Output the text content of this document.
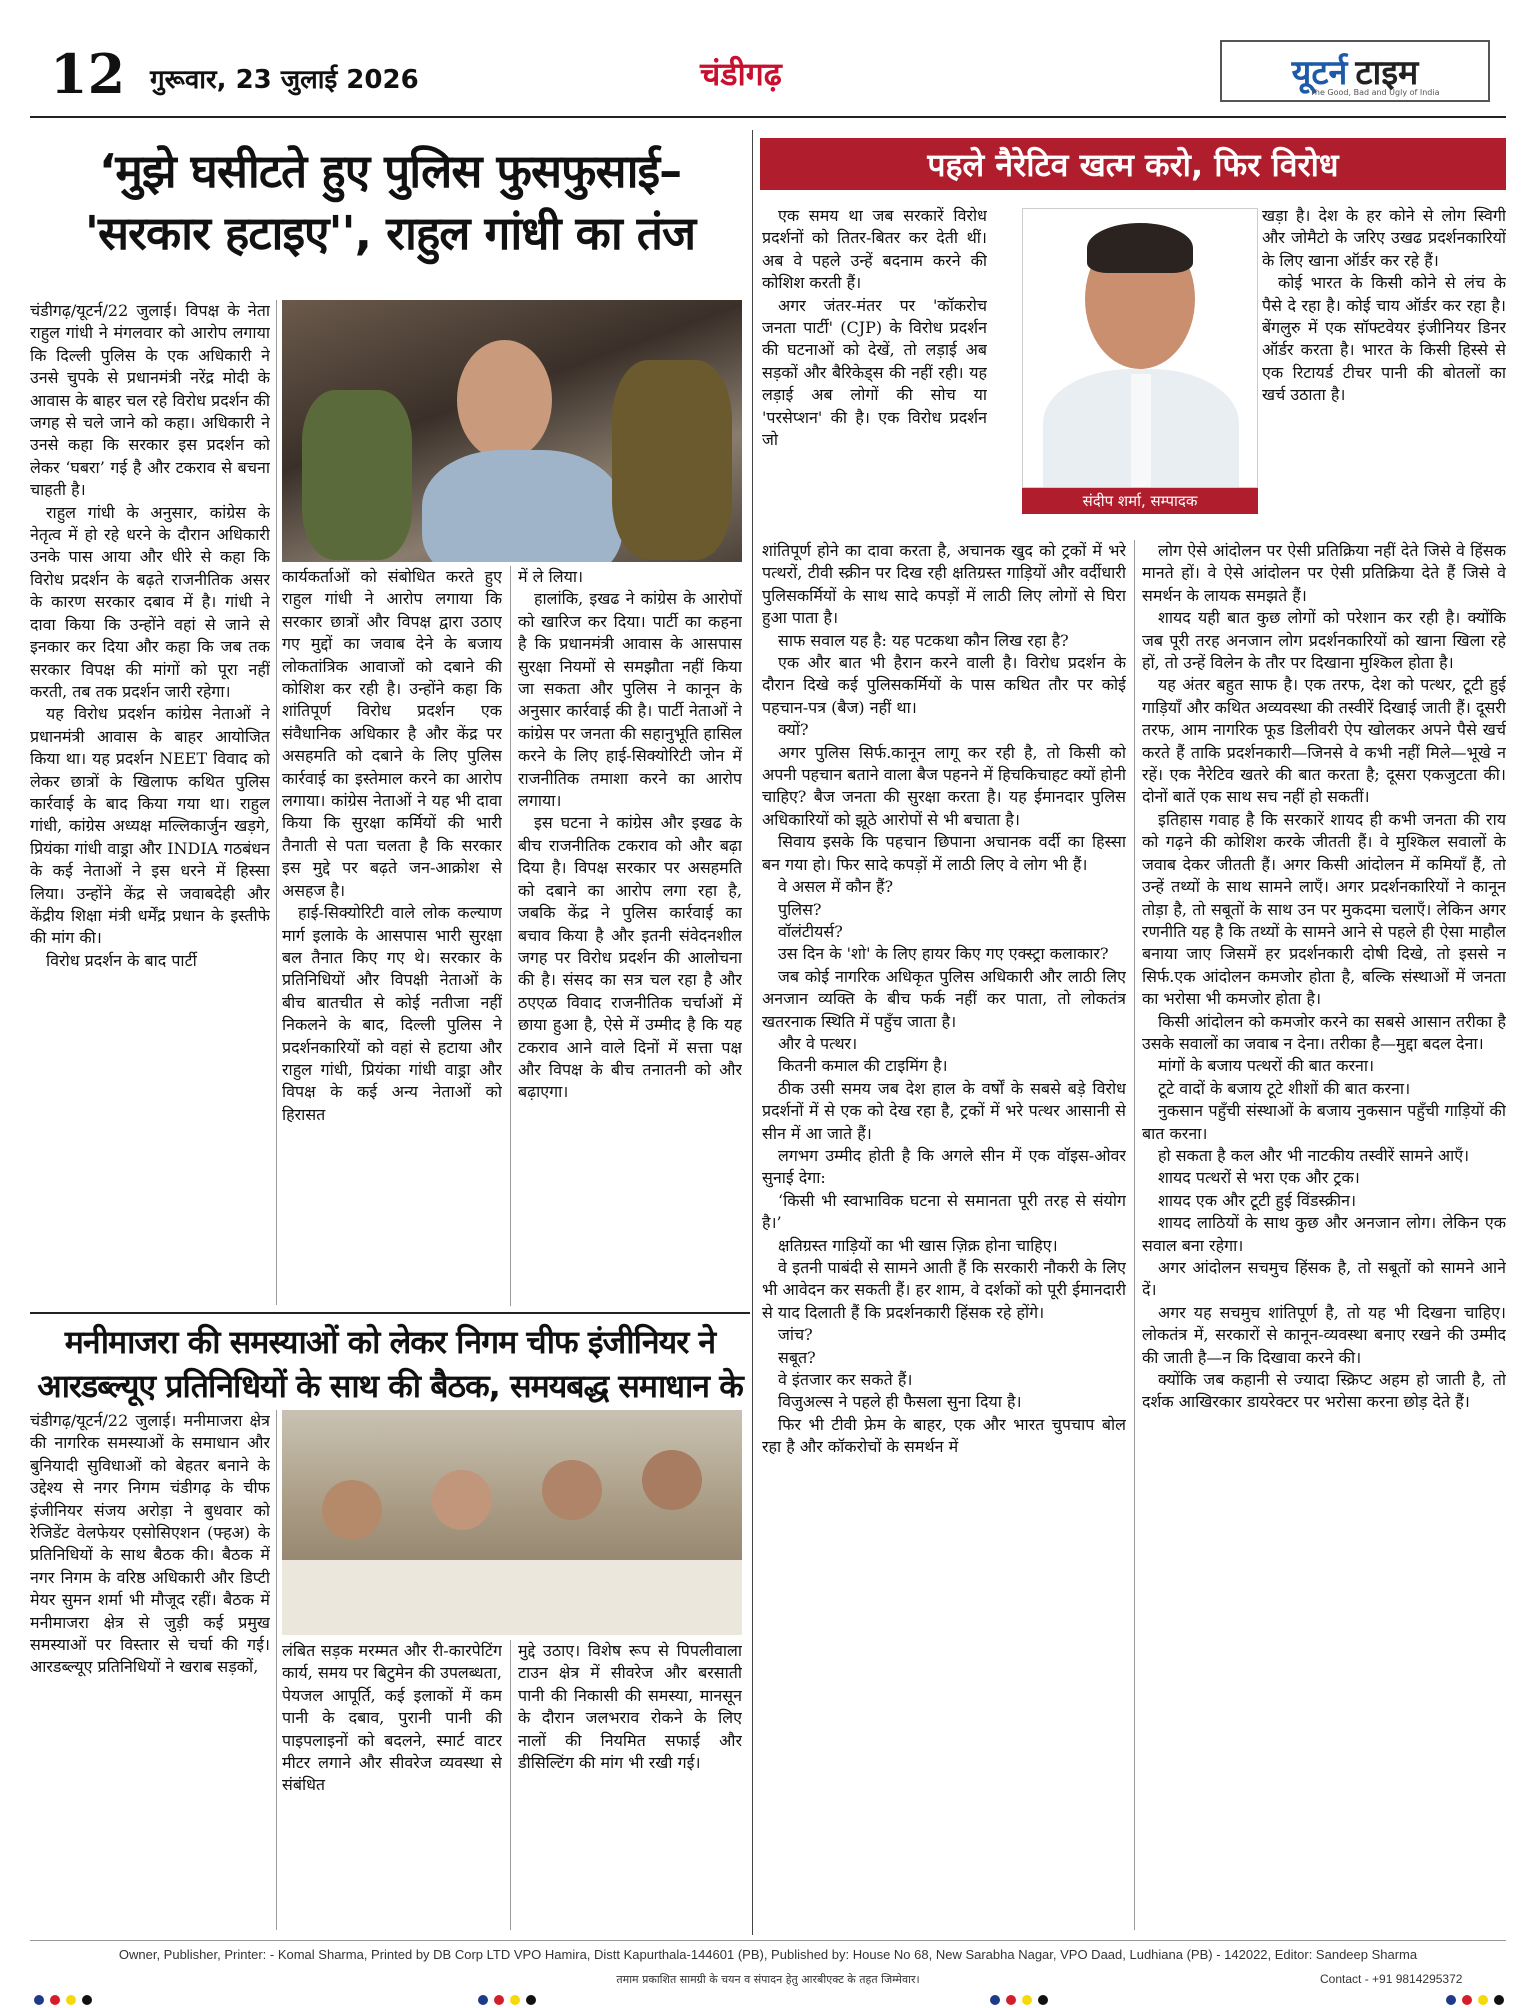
12 गुरूवार, 23 जुलाई 2026	चंडीगढ़	यूटर्न टाइम
The Good, Bad and Ugly of India
‘मुझे घसीटते हुए पुलिस फुसफुसाई– 'सरकार हटाइए'', राहुल गांधी का तंज

चंडीगढ़/यूटर्न/22 जुलाई। विपक्ष के नेता राहुल गांधी ने मंगलवार को आरोप लगाया कि दिल्ली पुलिस के एक अधिकारी ने उनसे चुपके से प्रधानमंत्री नरेंद्र मोदी के आवास के बाहर चल रहे विरोध प्रदर्शन की जगह से चले जाने को कहा। अधिकारी ने उनसे कहा कि सरकार इस प्रदर्शन को लेकर ‘घबरा’ गई है और टकराव से बचना चाहती है।

राहुल गांधी के अनुसार, कांग्रेस के नेतृत्व में हो रहे धरने के दौरान अधिकारी उनके पास आया और धीरे से कहा कि विरोध प्रदर्शन के बढ़ते राजनीतिक असर के कारण सरकार दबाव में है। गांधी ने दावा किया कि उन्होंने वहां से जाने से इनकार कर दिया और कहा कि जब तक सरकार विपक्ष की मांगों को पूरा नहीं करती, तब तक प्रदर्शन जारी रहेगा।

यह विरोध प्रदर्शन कांग्रेस नेताओं ने प्रधानमंत्री आवास के बाहर आयोजित किया था। यह प्रदर्शन NEET विवाद को लेकर छात्रों के खिलाफ कथित पुलिस कार्रवाई के बाद किया गया था। राहुल गांधी, कांग्रेस अध्यक्ष मल्लिकार्जुन खड़गे, प्रियंका गांधी वाड्रा और INDIA गठबंधन के कई नेताओं ने इस धरने में हिस्सा लिया। उन्होंने केंद्र से जवाबदेही और केंद्रीय शिक्षा मंत्री धर्मेंद्र प्रधान के इस्तीफे की मांग की।

विरोध प्रदर्शन के बाद पार्टी

कार्यकर्ताओं को संबोधित करते हुए राहुल गांधी ने आरोप लगाया कि सरकार छात्रों और विपक्ष द्वारा उठाए गए मुद्दों का जवाब देने के बजाय लोकतांत्रिक आवाजों को दबाने की कोशिश कर रही है। उन्होंने कहा कि शांतिपूर्ण विरोध प्रदर्शन एक संवैधानिक अधिकार है और केंद्र पर असहमति को दबाने के लिए पुलिस कार्रवाई का इस्तेमाल करने का आरोप लगाया। कांग्रेस नेताओं ने यह भी दावा किया कि सुरक्षा कर्मियों की भारी तैनाती से पता चलता है कि सरकार इस मुद्दे पर बढ़ते जन-आक्रोश से असहज है।

हाई-सिक्योरिटी वाले लोक कल्याण मार्ग इलाके के आसपास भारी सुरक्षा बल तैनात किए गए थे। सरकार के प्रतिनिधियों और विपक्षी नेताओं के बीच बातचीत से कोई नतीजा नहीं निकलने के बाद, दिल्ली पुलिस ने प्रदर्शनकारियों को वहां से हटाया और राहुल गांधी, प्रियंका गांधी वाड्रा और विपक्ष के कई अन्य नेताओं को हिरासत

में ले लिया।

हालांकि, इखढ ने कांग्रेस के आरोपों को खारिज कर दिया। पार्टी का कहना है कि प्रधानमंत्री आवास के आसपास सुरक्षा नियमों से समझौता नहीं किया जा सकता और पुलिस ने कानून के अनुसार कार्रवाई की है। पार्टी नेताओं ने कांग्रेस पर जनता की सहानुभूति हासिल करने के लिए हाई-सिक्योरिटी जोन में राजनीतिक तमाशा करने का आरोप लगाया।

इस घटना ने कांग्रेस और इखढ के बीच राजनीतिक टकराव को और बढ़ा दिया है। विपक्ष सरकार पर असहमति को दबाने का आरोप लगा रहा है, जबकि केंद्र ने पुलिस कार्रवाई का बचाव किया है और इतनी संवेदनशील जगह पर विरोध प्रदर्शन की आलोचना की है। संसद का सत्र चल रहा है और ठएएळ विवाद राजनीतिक चर्चाओं में छाया हुआ है, ऐसे में उम्मीद है कि यह टकराव आने वाले दिनों में सत्ता पक्ष और विपक्ष के बीच तनातनी को और बढ़ाएगा।

मनीमाजरा की समस्याओं को लेकर निगम चीफ इंजीनियर ने आरडब्ल्यूए प्रतिनिधियों के साथ की बैठक, समयबद्ध समाधान के

चंडीगढ़/यूटर्न/22 जुलाई। मनीमाजरा क्षेत्र की नागरिक समस्याओं के समाधान और बुनियादी सुविधाओं को बेहतर बनाने के उद्देश्य से नगर निगम चंडीगढ़ के चीफ इंजीनियर संजय अरोड़ा ने बुधवार को रेजिडेंट वेलफेयर एसोसिएशन (फ्हअ) के प्रतिनिधियों के साथ बैठक की। बैठक में नगर निगम के वरिष्ठ अधिकारी और डिप्टी मेयर सुमन शर्मा भी मौजूद रहीं। बैठक में मनीमाजरा क्षेत्र से जुड़ी कई प्रमुख समस्याओं पर विस्तार से चर्चा की गई। आरडब्ल्यूए प्रतिनिधियों ने खराब सड़कों,

लंबित सड़क मरम्मत और री-कारपेटिंग कार्य, समय पर बिटुमेन की उपलब्धता, पेयजल आपूर्ति, कई इलाकों में कम पानी के दबाव, पुरानी पानी की पाइपलाइनों को बदलने, स्मार्ट वाटर मीटर लगाने और सीवरेज व्यवस्था से संबंधित

मुद्दे उठाए। विशेष रूप से पिपलीवाला टाउन क्षेत्र में सीवरेज और बरसाती पानी की निकासी की समस्या, मानसून के दौरान जलभराव रोकने के लिए नालों की नियमित सफाई और डीसिल्टिंग की मांग भी रखी गई।

पहले नैरेटिव खत्म करो, फिर विरोध

एक समय था जब सरकारें विरोध प्रदर्शनों को तितर-बितर कर देती थीं। अब वे पहले उन्हें बदनाम करने की कोशिश करती हैं।

अगर जंतर-मंतर पर 'कॉकरोच जनता पार्टी' (CJP) के विरोध प्रदर्शन की घटनाओं को देखें, तो लड़ाई अब सड़कों और बैरिकेड्स की नहीं रही। यह लड़ाई अब लोगों की सोच या 'परसेप्शन' की है। एक विरोध प्रदर्शन जो

संदीप शर्मा, सम्पादक

खड़ा है। देश के हर कोने से लोग स्विगी और जोमैटो के जरिए उखढ प्रदर्शनकारियों के लिए खाना ऑर्डर कर रहे हैं।

कोई भारत के किसी कोने से लंच के पैसे दे रहा है। कोई चाय ऑर्डर कर रहा है। बेंगलुरु में एक सॉफ्टवेयर इंजीनियर डिनर ऑर्डर करता है। भारत के किसी हिस्से से एक रिटायर्ड टीचर पानी की बोतलों का खर्च उठाता है।

शांतिपूर्ण होने का दावा करता है, अचानक खुद को ट्रकों में भरे पत्थरों, टीवी स्क्रीन पर दिख रही क्षतिग्रस्त गाड़ियों और वर्दीधारी पुलिसकर्मियों के साथ सादे कपड़ों में लाठी लिए लोगों से घिरा हुआ पाता है।

साफ सवाल यह है: यह पटकथा कौन लिख रहा है?

एक और बात भी हैरान करने वाली है। विरोध प्रदर्शन के दौरान दिखे कई पुलिसकर्मियों के पास कथित तौर पर कोई पहचान-पत्र (बैज) नहीं था।

क्यों?

अगर पुलिस सिर्फ.कानून लागू कर रही है, तो किसी को अपनी पहचान बताने वाला बैज पहनने में हिचकिचाहट क्यों होनी चाहिए? बैज जनता की सुरक्षा करता है। यह ईमानदार पुलिस अधिकारियों को झूठे आरोपों से भी बचाता है।

सिवाय इसके कि पहचान छिपाना अचानक वर्दी का हिस्सा बन गया हो। फिर सादे कपड़ों में लाठी लिए वे लोग भी हैं।

वे असल में कौन हैं?

पुलिस?

वॉलंटीयर्स?

उस दिन के 'शो' के लिए हायर किए गए एक्स्ट्रा कलाकार?

जब कोई नागरिक अधिकृत पुलिस अधिकारी और लाठी लिए अनजान व्यक्ति के बीच फर्क नहीं कर पाता, तो लोकतंत्र खतरनाक स्थिति में पहुँच जाता है।

और वे पत्थर।

कितनी कमाल की टाइमिंग है।

ठीक उसी समय जब देश हाल के वर्षों के सबसे बड़े विरोध प्रदर्शनों में से एक को देख रहा है, ट्रकों में भरे पत्थर आसानी से सीन में आ जाते हैं।

लगभग उम्मीद होती है कि अगले सीन में एक वॉइस-ओवर सुनाई देगा:

‘किसी भी स्वाभाविक घटना से समानता पूरी तरह से संयोग है।’

क्षतिग्रस्त गाड़ियों का भी खास ज़िक्र होना चाहिए।

वे इतनी पाबंदी से सामने आती हैं कि सरकारी नौकरी के लिए भी आवेदन कर सकती हैं। हर शाम, वे दर्शकों को पूरी ईमानदारी से याद दिलाती हैं कि प्रदर्शनकारी हिंसक रहे होंगे।

जांच?

सबूत?

वे इंतजार कर सकते हैं।

विजुअल्स ने पहले ही फैसला सुना दिया है।

फिर भी टीवी फ्रेम के बाहर, एक और भारत चुपचाप बोल रहा है और कॉकरोचों के समर्थन में

लोग ऐसे आंदोलन पर ऐसी प्रतिक्रिया नहीं देते जिसे वे हिंसक मानते हों। वे ऐसे आंदोलन पर ऐसी प्रतिक्रिया देते हैं जिसे वे समर्थन के लायक समझते हैं।

शायद यही बात कुछ लोगों को परेशान कर रही है। क्योंकि जब पूरी तरह अनजान लोग प्रदर्शनकारियों को खाना खिला रहे हों, तो उन्हें विलेन के तौर पर दिखाना मुश्किल होता है।

यह अंतर बहुत साफ है। एक तरफ, देश को पत्थर, टूटी हुई गाड़ियाँ और कथित अव्यवस्था की तस्वीरें दिखाई जाती हैं। दूसरी तरफ, आम नागरिक फूड डिलीवरी ऐप खोलकर अपने पैसे खर्च करते हैं ताकि प्रदर्शनकारी—जिनसे वे कभी नहीं मिले—भूखे न रहें। एक नैरेटिव खतरे की बात करता है; दूसरा एकजुटता की। दोनों बातें एक साथ सच नहीं हो सकतीं।

इतिहास गवाह है कि सरकारें शायद ही कभी जनता की राय को गढ़ने की कोशिश करके जीतती हैं। वे मुश्किल सवालों के जवाब देकर जीतती हैं। अगर किसी आंदोलन में कमियाँ हैं, तो उन्हें तथ्यों के साथ सामने लाएँ। अगर प्रदर्शनकारियों ने कानून तोड़ा है, तो सबूतों के साथ उन पर मुकदमा चलाएँ। लेकिन अगर रणनीति यह है कि तथ्यों के सामने आने से पहले ही ऐसा माहौल बनाया जाए जिसमें हर प्रदर्शनकारी दोषी दिखे, तो इससे न सिर्फ.एक आंदोलन कमजोर होता है, बल्कि संस्थाओं में जनता का भरोसा भी कमजोर होता है।

किसी आंदोलन को कमजोर करने का सबसे आसान तरीका है उसके सवालों का जवाब न देना। तरीका है—मुद्दा बदल देना।

मांगों के बजाय पत्थरों की बात करना।

टूटे वादों के बजाय टूटे शीशों की बात करना।

नुकसान पहुँची संस्थाओं के बजाय नुकसान पहुँची गाड़ियों की बात करना।

हो सकता है कल और भी नाटकीय तस्वीरें सामने आएँ।

शायद पत्थरों से भरा एक और ट्रक।

शायद एक और टूटी हुई विंडस्क्रीन।

शायद लाठियों के साथ कुछ और अनजान लोग। लेकिन एक सवाल बना रहेगा।

अगर आंदोलन सचमुच हिंसक है, तो सबूतों को सामने आने दें।

अगर यह सचमुच शांतिपूर्ण है, तो यह भी दिखना चाहिए। लोकतंत्र में, सरकारों से कानून-व्यवस्था बनाए रखने की उम्मीद की जाती है—न कि दिखावा करने की।

क्योंकि जब कहानी से ज्यादा स्क्रिप्ट अहम हो जाती है, तो दर्शक आखिरकार डायरेक्टर पर भरोसा करना छोड़ देते हैं।

Owner, Publisher, Printer: - Komal Sharma, Printed by DB Corp LTD VPO Hamira, Distt Kapurthala-144601 (PB), Published by: House No 68, New Sarabha Nagar, VPO Daad, Ludhiana (PB) - 142022, Editor: Sandeep Sharma
तमाम प्रकाशित सामग्री के चयन व संपादन हेतु आरबीएक्ट के तहत जिम्मेवार।	Contact - +91 9814295372
